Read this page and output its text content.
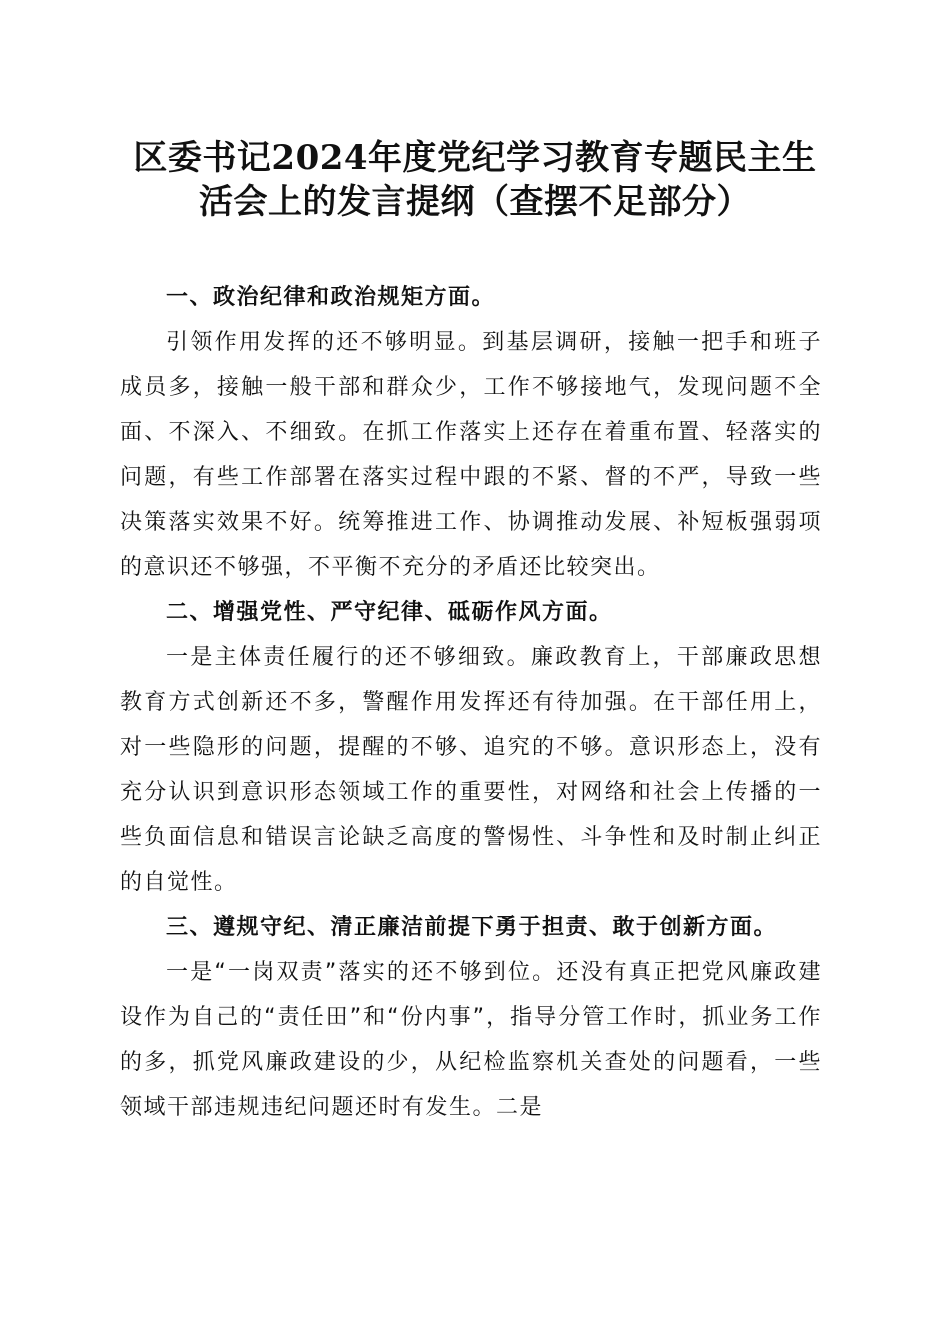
区委书记2024年度党纪学习教育专题民主生
活会上的发言提纲（查摆不足部分）

一、政治纪律和政治规矩方面。

引领作用发挥的还不够明显。到基层调研，接触一把手和班子成员多，接触一般干部和群众少，工作不够接地气，发现问题不全面、不深入、不细致。在抓工作落实上还存在着重布置、轻落实的问题，有些工作部署在落实过程中跟的不紧、督的不严，导致一些决策落实效果不好。统筹推进工作、协调推动发展、补短板强弱项的意识还不够强，不平衡不充分的矛盾还比较突出。

二、增强党性、严守纪律、砥砺作风方面。

一是主体责任履行的还不够细致。廉政教育上，干部廉政思想教育方式创新还不多，警醒作用发挥还有待加强。在干部任用上，对一些隐形的问题，提醒的不够、追究的不够。意识形态上，没有充分认识到意识形态领域工作的重要性，对网络和社会上传播的一些负面信息和错误言论缺乏高度的警惕性、斗争性和及时制止纠正的自觉性。

三、遵规守纪、清正廉洁前提下勇于担责、敢于创新方面。

一是“一岗双责”落实的还不够到位。还没有真正把党风廉政建设作为自己的“责任田”和“份内事”，指导分管工作时，抓业务工作的多，抓党风廉政建设的少，从纪检监察机关查处的问题看，一些领域干部违规违纪问题还时有发生。二是
